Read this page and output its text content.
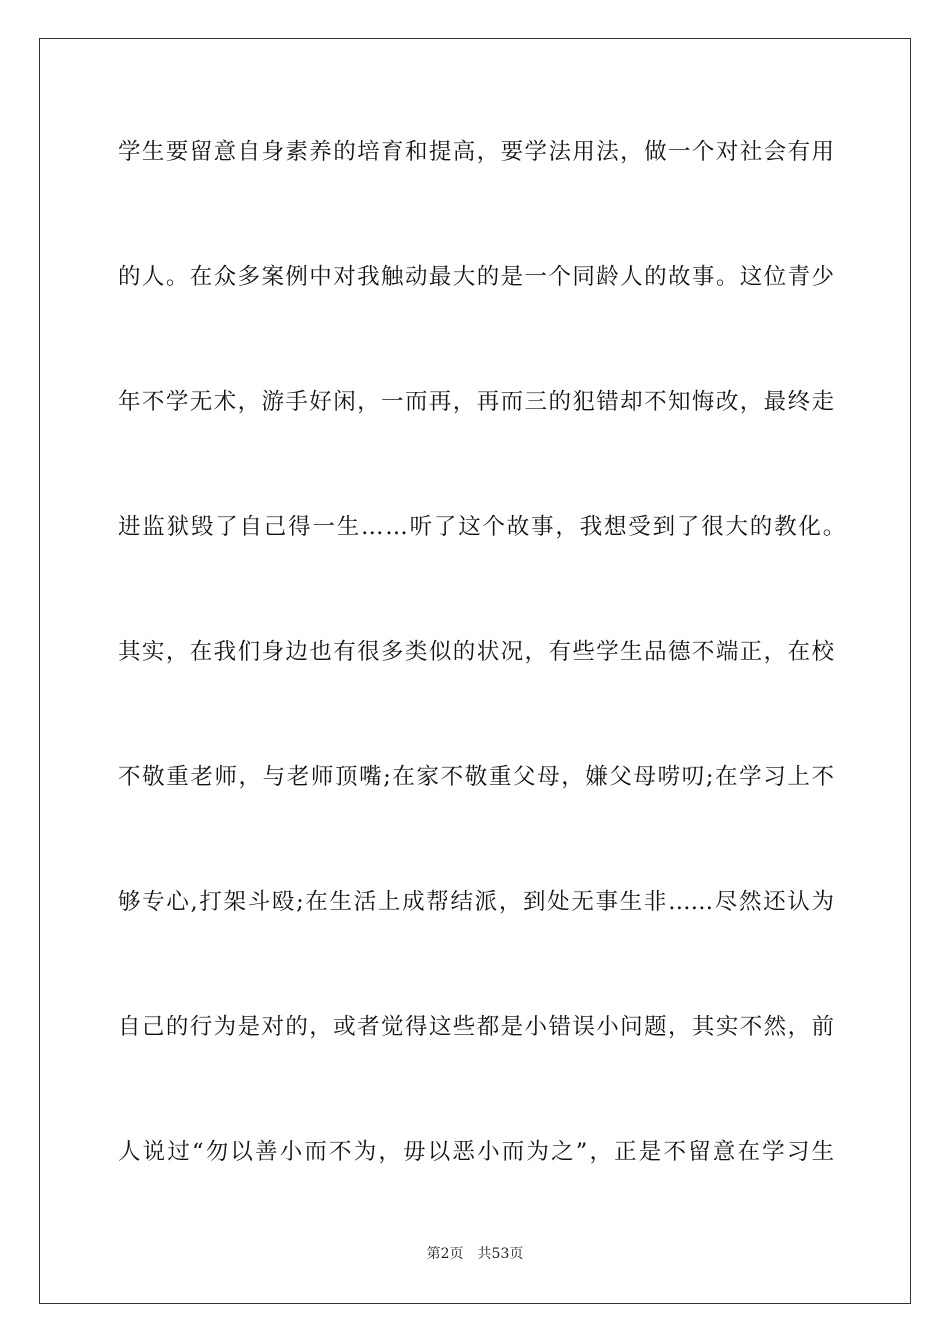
学生要留意自身素养的培育和提高，要学法用法，做一个对社会有用
的人。在众多案例中对我触动最大的是一个同龄人的故事。这位青少
年不学无术，游手好闲，一而再，再而三的犯错却不知悔改，最终走
进监狱毁了自己得一生……听了这个故事，我想受到了很大的教化。
其实，在我们身边也有很多类似的状况，有些学生品德不端正，在校
不敬重老师，与老师顶嘴;在家不敬重父母，嫌父母唠叨;在学习上不
够专心,打架斗殴;在生活上成帮结派，到处无事生非……尽然还认为
自己的行为是对的，或者觉得这些都是小错误小问题，其实不然，前
人说过“勿以善小而不为，毋以恶小而为之”，正是不留意在学习生
第2页 共53页
